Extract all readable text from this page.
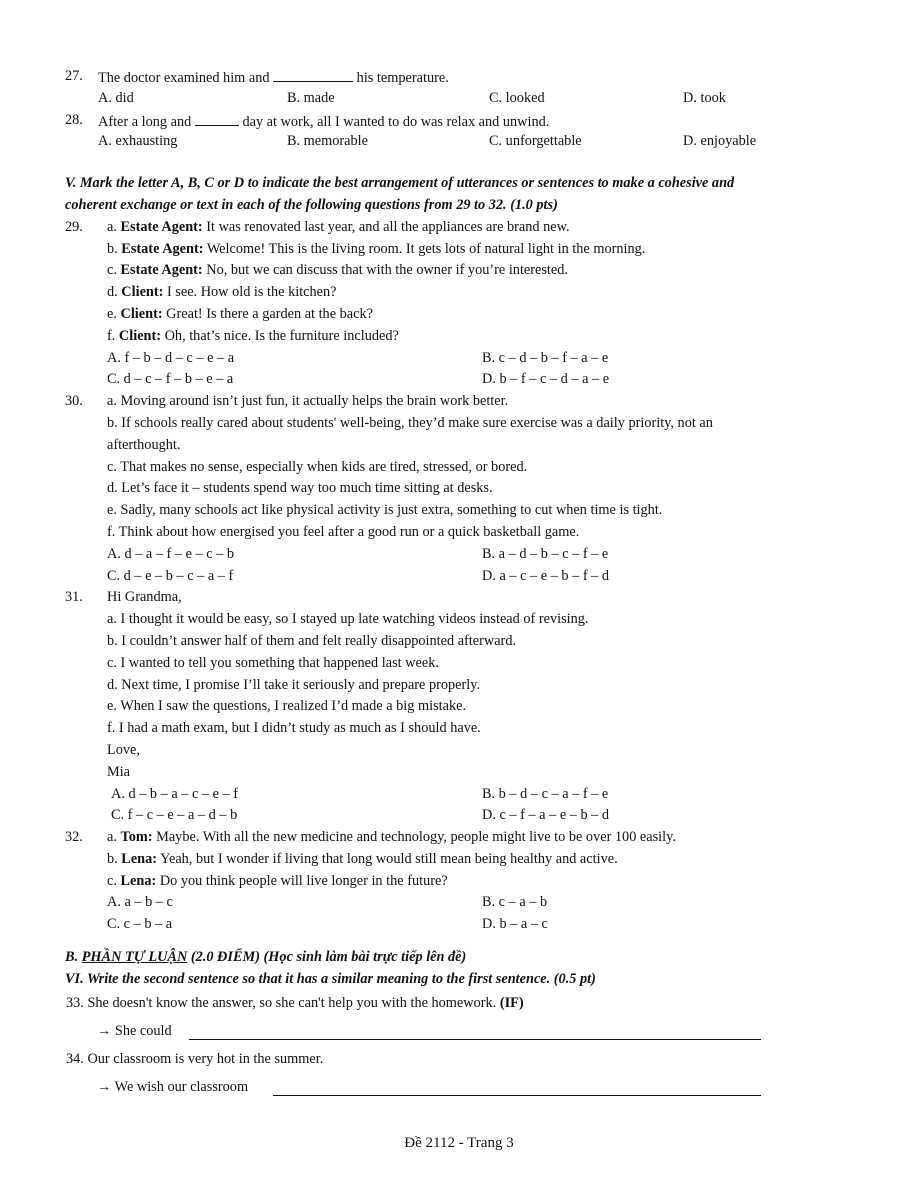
27. The doctor examined him and	his temperature.
A. did	B. made	C. looked	D. took
28. After a long and	day at work, all I wanted to do was relax and unwind.
A. exhausting	B. memorable	C. unforgettable	D. enjoyable
V. Mark the letter A, B, C or D to indicate the best arrangement of utterances or sentences to make a cohesive and
coherent exchange or text in each of the following questions from 29 to 32. (1.0 pts)
29. a. Estate Agent: It was renovated last year, and all the appliances are brand new.
b. Estate Agent: Welcome! This is the living room. It gets lots of natural light in the morning.
c. Estate Agent: No, but we can discuss that with the owner if you’re interested.
d. Client: I see. How old is the kitchen?
e. Client: Great! Is there a garden at the back?
f. Client: Oh, that’s nice. Is the furniture included?
A. f – b – d – c – e – a	B. c – d – b – f – a – e
C. d – c – f – b – e – a	D. b – f – c – d – a – e
30. a. Moving around isn’t just fun, it actually helps the brain work better.
b. If schools really cared about students' well-being, they’d make sure exercise was a daily priority, not an
afterthought.
c. That makes no sense, especially when kids are tired, stressed, or bored.
d. Let’s face it – students spend way too much time sitting at desks.
e. Sadly, many schools act like physical activity is just extra, something to cut when time is tight.
f. Think about how energised you feel after a good run or a quick basketball game.
A. d – a – f – e – c – b	B. a – d – b – c – f – e
C. d – e – b – c – a – f	D. a – c – e – b – f – d
31. Hi Grandma,
a. I thought it would be easy, so I stayed up late watching videos instead of revising.
b. I couldn’t answer half of them and felt really disappointed afterward.
c. I wanted to tell you something that happened last week.
d. Next time, I promise I’ll take it seriously and prepare properly.
e. When I saw the questions, I realized I’d made a big mistake.
f. I had a math exam, but I didn’t study as much as I should have.
Love,
Mia
A. d – b – a – c – e – f	B. b – d – c – a – f – e
C. f – c – e – a – d – b	D. c – f – a – e – b – d
32. a. Tom: Maybe. With all the new medicine and technology, people might live to be over 100 easily.
b. Lena: Yeah, but I wonder if living that long would still mean being healthy and active.
c. Lena: Do you think people will live longer in the future?
A. a – b – c	B. c – a – b
C. c – b – a	D. b – a – c
B. PHẦN TỰ LUẬN (2.0 ĐIỂM) (Học sinh làm bài trực tiếp lên đề)
VI. Write the second sentence so that it has a similar meaning to the first sentence. (0.5 pt)
33. She doesn't know the answer, so she can't help you with the homework. (IF)
→ She could
34. Our classroom is very hot in the summer.
→ We wish our classroom
Đề 2112 - Trang 3
